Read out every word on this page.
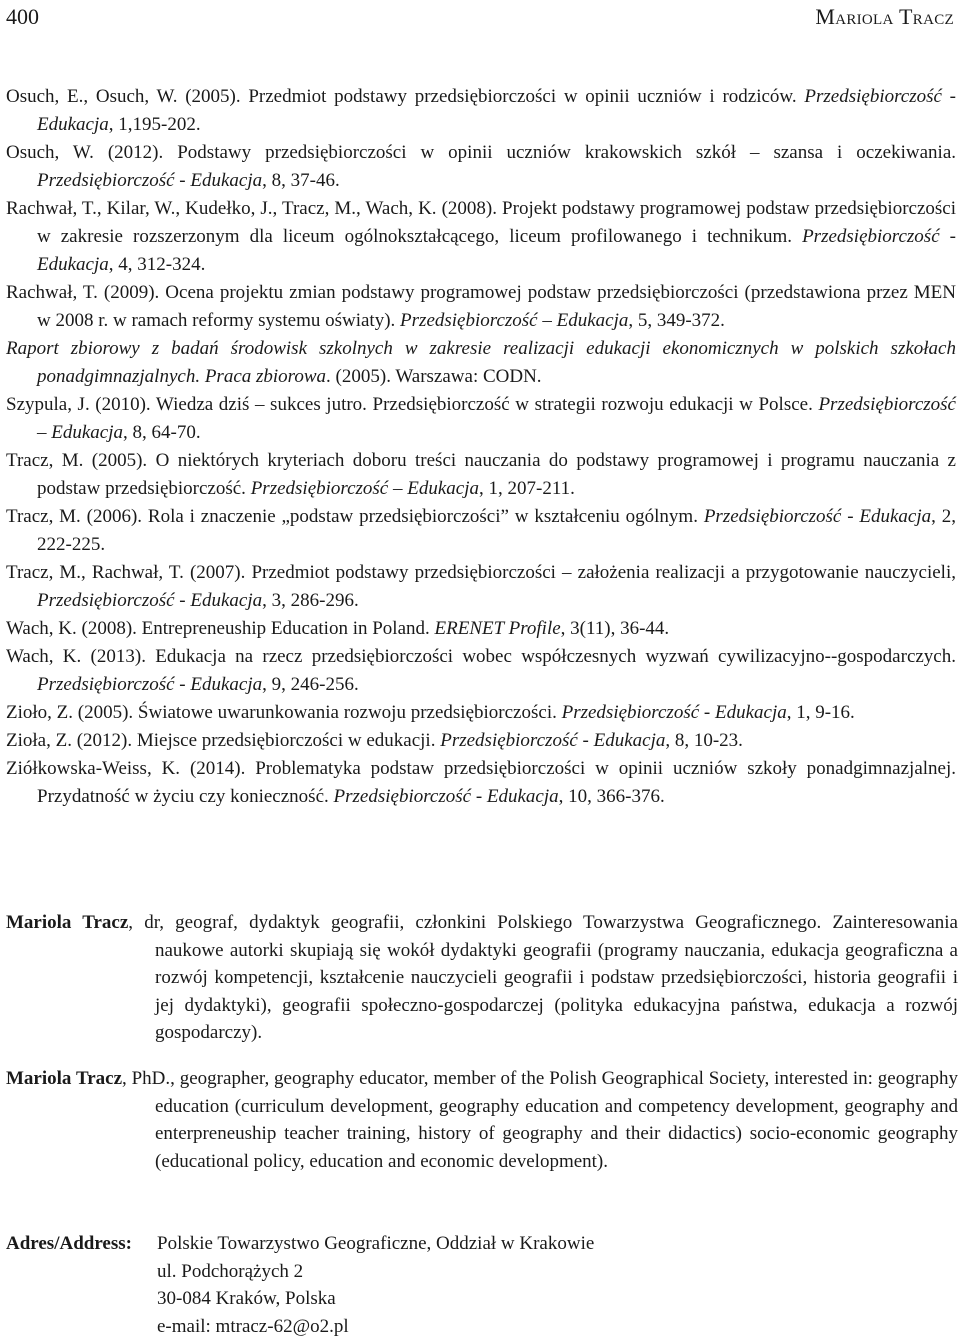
400	Mariola Tracz

Osuch, E., Osuch, W. (2005). Przedmiot podstawy przedsiębiorczości w opinii uczniów i rodziców. Przedsiębiorczość - Edukacja, 1,195-202.

Osuch, W. (2012). Podstawy przedsiębiorczości w opinii uczniów krakowskich szkół – szansa i oczekiwania. Przedsiębiorczość - Edukacja, 8, 37-46.

Rachwał, T., Kilar, W., Kudełko, J., Tracz, M., Wach, K. (2008). Projekt podstawy programowej podstaw przedsiębiorczości w zakresie rozszerzonym dla liceum ogólnokształcącego, liceum profilowanego i technikum. Przedsiębiorczość - Edukacja, 4, 312-324.

Rachwał, T. (2009). Ocena projektu zmian podstawy programowej podstaw przedsiębiorczości (przedstawiona przez MEN w 2008 r. w ramach reformy systemu oświaty). Przedsiębiorczość – Edukacja, 5, 349-372.

Raport zbiorowy z badań środowisk szkolnych w zakresie realizacji edukacji ekonomicznych w polskich szkołach ponadgimnazjalnych. Praca zbiorowa. (2005). Warszawa: CODN.

Szypula, J. (2010). Wiedza dziś – sukces jutro. Przedsiębiorczość w strategii rozwoju edukacji w Polsce. Przedsiębiorczość – Edukacja, 8, 64-70.

Tracz, M. (2005). O niektórych kryteriach doboru treści nauczania do podstawy programowej i programu nauczania z podstaw przedsiębiorczość. Przedsiębiorczość – Edukacja, 1, 207-211.

Tracz, M. (2006). Rola i znaczenie „podstaw przedsiębiorczości” w kształceniu ogólnym. Przedsiębiorczość - Edukacja, 2, 222-225.

Tracz, M., Rachwał, T. (2007). Przedmiot podstawy przedsiębiorczości – założenia realizacji a przygotowanie nauczycieli, Przedsiębiorczość - Edukacja, 3, 286-296.

Wach, K. (2008). Entrepreneuship Education in Poland. ERENET Profile, 3(11), 36-44.

Wach, K. (2013). Edukacja na rzecz przedsiębiorczości wobec współczesnych wyzwań cywilizacyjno--gospodarczych. Przedsiębiorczość - Edukacja, 9, 246-256.

Zioło, Z. (2005). Światowe uwarunkowania rozwoju przedsiębiorczości. Przedsiębiorczość - Edukacja, 1, 9-16.

Zioła, Z. (2012). Miejsce przedsiębiorczości w edukacji. Przedsiębiorczość - Edukacja, 8, 10-23.

Ziółkowska-Weiss, K. (2014). Problematyka podstaw przedsiębiorczości w opinii uczniów szkoły ponadgimnazjalnej. Przydatność w życiu czy konieczność. Przedsiębiorczość - Edukacja, 10, 366-376.

Mariola Tracz, dr, geograf, dydaktyk geografii, członkini Polskiego Towarzystwa Geograficznego. Zainteresowania naukowe autorki skupiają się wokół dydaktyki geografii (programy nauczania, edukacja geograficzna a rozwój kompetencji, kształcenie nauczycieli geografii i podstaw przedsiębiorczości, historia geografii i jej dydaktyki), geografii społeczno-gospodarczej (polityka edukacyjna państwa, edukacja a rozwój gospodarczy).
Mariola Tracz, PhD., geographer, geography educator, member of the Polish Geographical Society, interested in: geography education (curriculum development, geography education and competency development, geography and enterpreneuship teacher training, history of geography and their didactics) socio-economic geography (educational policy, education and economic development).
Adres/Address: Polskie Towarzystwo Geograficzne, Oddział w Krakowie
ul. Podchorążych 2
30-084 Kraków, Polska
e-mail: mtracz-62@o2.pl
